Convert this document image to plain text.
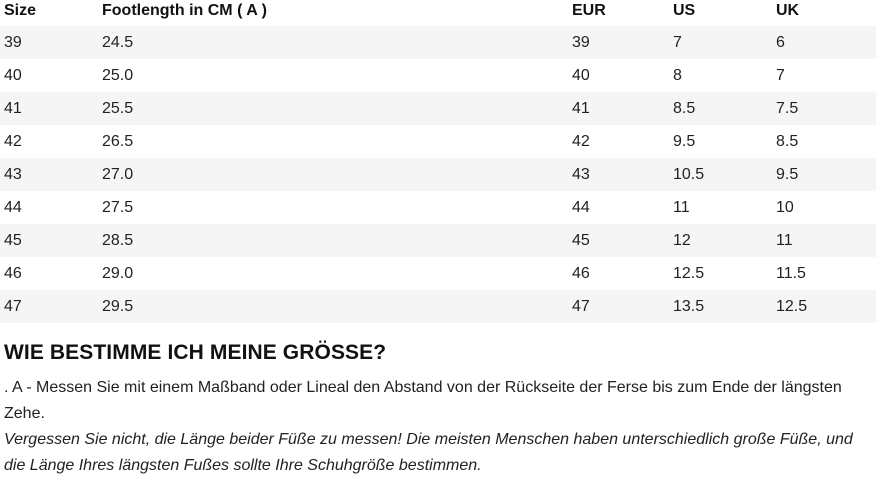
Size	Footlength in CM ( A )	EUR	US	UK
39	24.5	39	7	6
40	25.0	40	8	7
41	25.5	41	8.5	7.5
42	26.5	42	9.5	8.5
43	27.0	43	10.5	9.5
44	27.5	44	11	10
45	28.5	45	12	11
46	29.0	46	12.5	11.5
47	29.5	47	13.5	12.5
WIE BESTIMME ICH MEINE GRÖSSE?

. A - Messen Sie mit einem Maßband oder Lineal den Abstand von der Rückseite der Ferse bis zum Ende der längsten Zehe.

Vergessen Sie nicht, die Länge beider Füße zu messen! Die meisten Menschen haben unterschiedlich große Füße, und die Länge Ihres längsten Fußes sollte Ihre Schuhgröße bestimmen.
